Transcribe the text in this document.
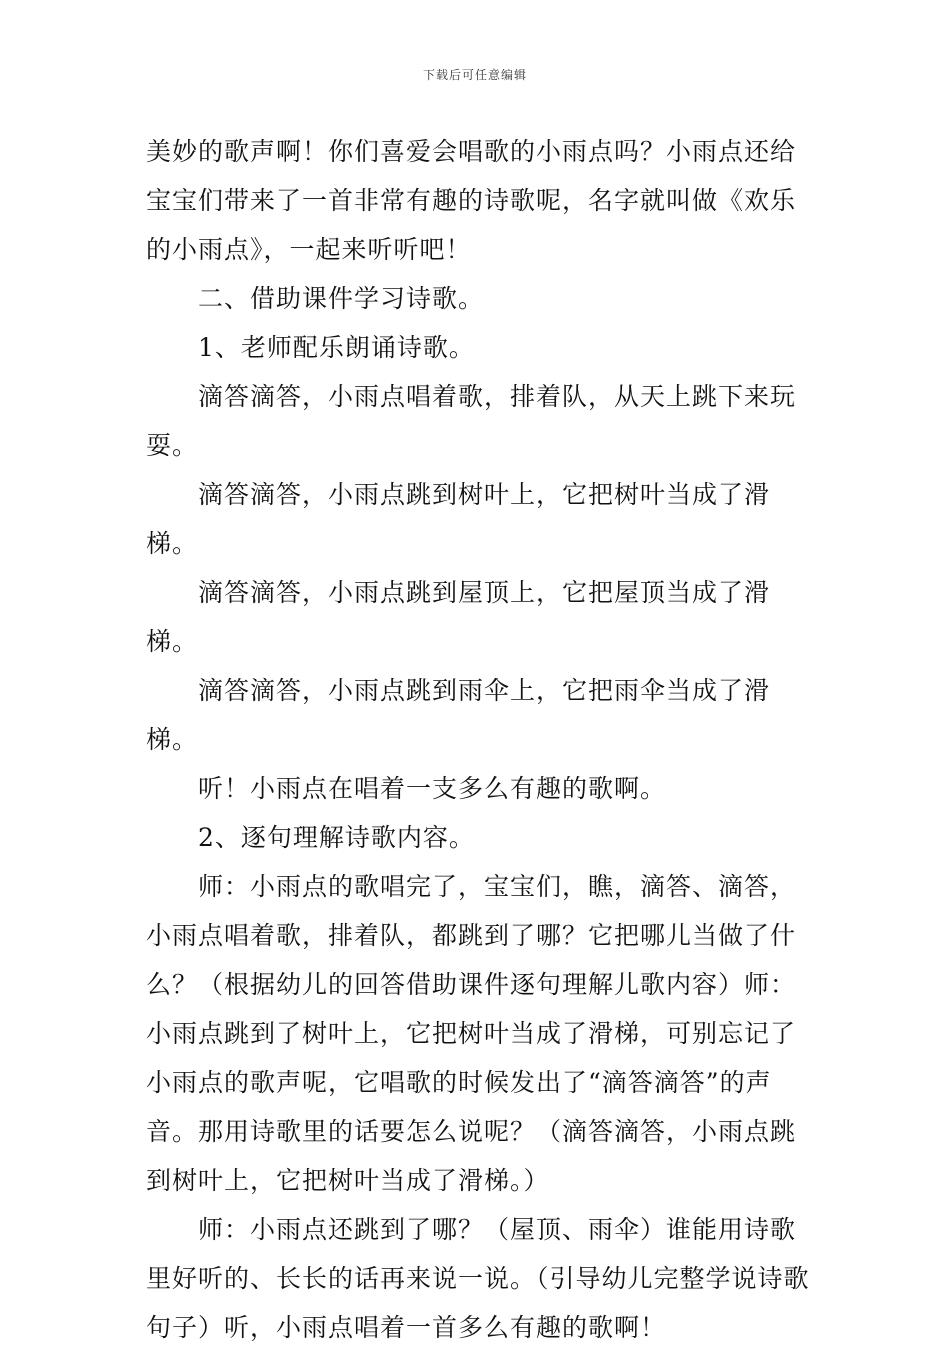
下载后可任意编辑

美妙的歌声啊！你们喜爱会唱歌的小雨点吗？小雨点还给宝宝们带来了一首非常有趣的诗歌呢，名字就叫做《欢乐的小雨点》，一起来听听吧！

二、借助课件学习诗歌。

1、老师配乐朗诵诗歌。

滴答滴答，小雨点唱着歌，排着队，从天上跳下来玩耍。

滴答滴答，小雨点跳到树叶上，它把树叶当成了滑梯。

滴答滴答，小雨点跳到屋顶上，它把屋顶当成了滑梯。

滴答滴答，小雨点跳到雨伞上，它把雨伞当成了滑梯。

听！小雨点在唱着一支多么有趣的歌啊。

2、逐句理解诗歌内容。

师：小雨点的歌唱完了，宝宝们，瞧，滴答、滴答，小雨点唱着歌，排着队，都跳到了哪？它把哪儿当做了什么？（根据幼儿的回答借助课件逐句理解儿歌内容）师：小雨点跳到了树叶上，它把树叶当成了滑梯，可别忘记了小雨点的歌声呢，它唱歌的时候发出了“滴答滴答”的声音。那用诗歌里的话要怎么说呢？（滴答滴答，小雨点跳到树叶上，它把树叶当成了滑梯。）

师：小雨点还跳到了哪？（屋顶、雨伞）谁能用诗歌里好听的、长长的话再来说一说。（引导幼儿完整学说诗歌句子）听，小雨点唱着一首多么有趣的歌啊！
